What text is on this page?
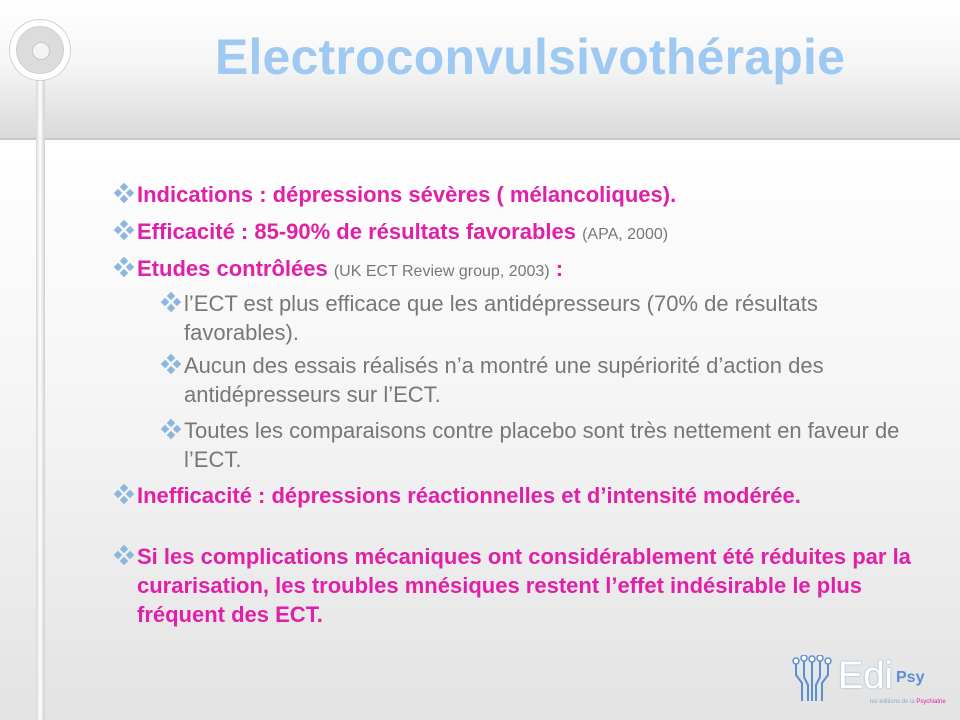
Electroconvulsivothérapie
Indications : dépressions sévères ( mélancoliques).
Efficacité : 85-90% de résultats favorables (APA, 2000)
Etudes contrôlées (UK ECT Review group, 2003) :
l’ECT est plus efficace que les antidépresseurs (70% de résultats favorables).
Aucun des essais réalisés n’a montré une supériorité d’action des antidépresseurs sur l’ECT.
Toutes les comparaisons contre placebo sont très nettement en faveur de l’ECT.
Inefficacité : dépressions réactionnelles et d’intensité modérée.
Si les complications mécaniques ont considérablement été réduites par la curarisation, les troubles mnésiques restent l’effet indésirable le plus fréquent des ECT.
Edi Psy
les éditions de la Psychiatrie
